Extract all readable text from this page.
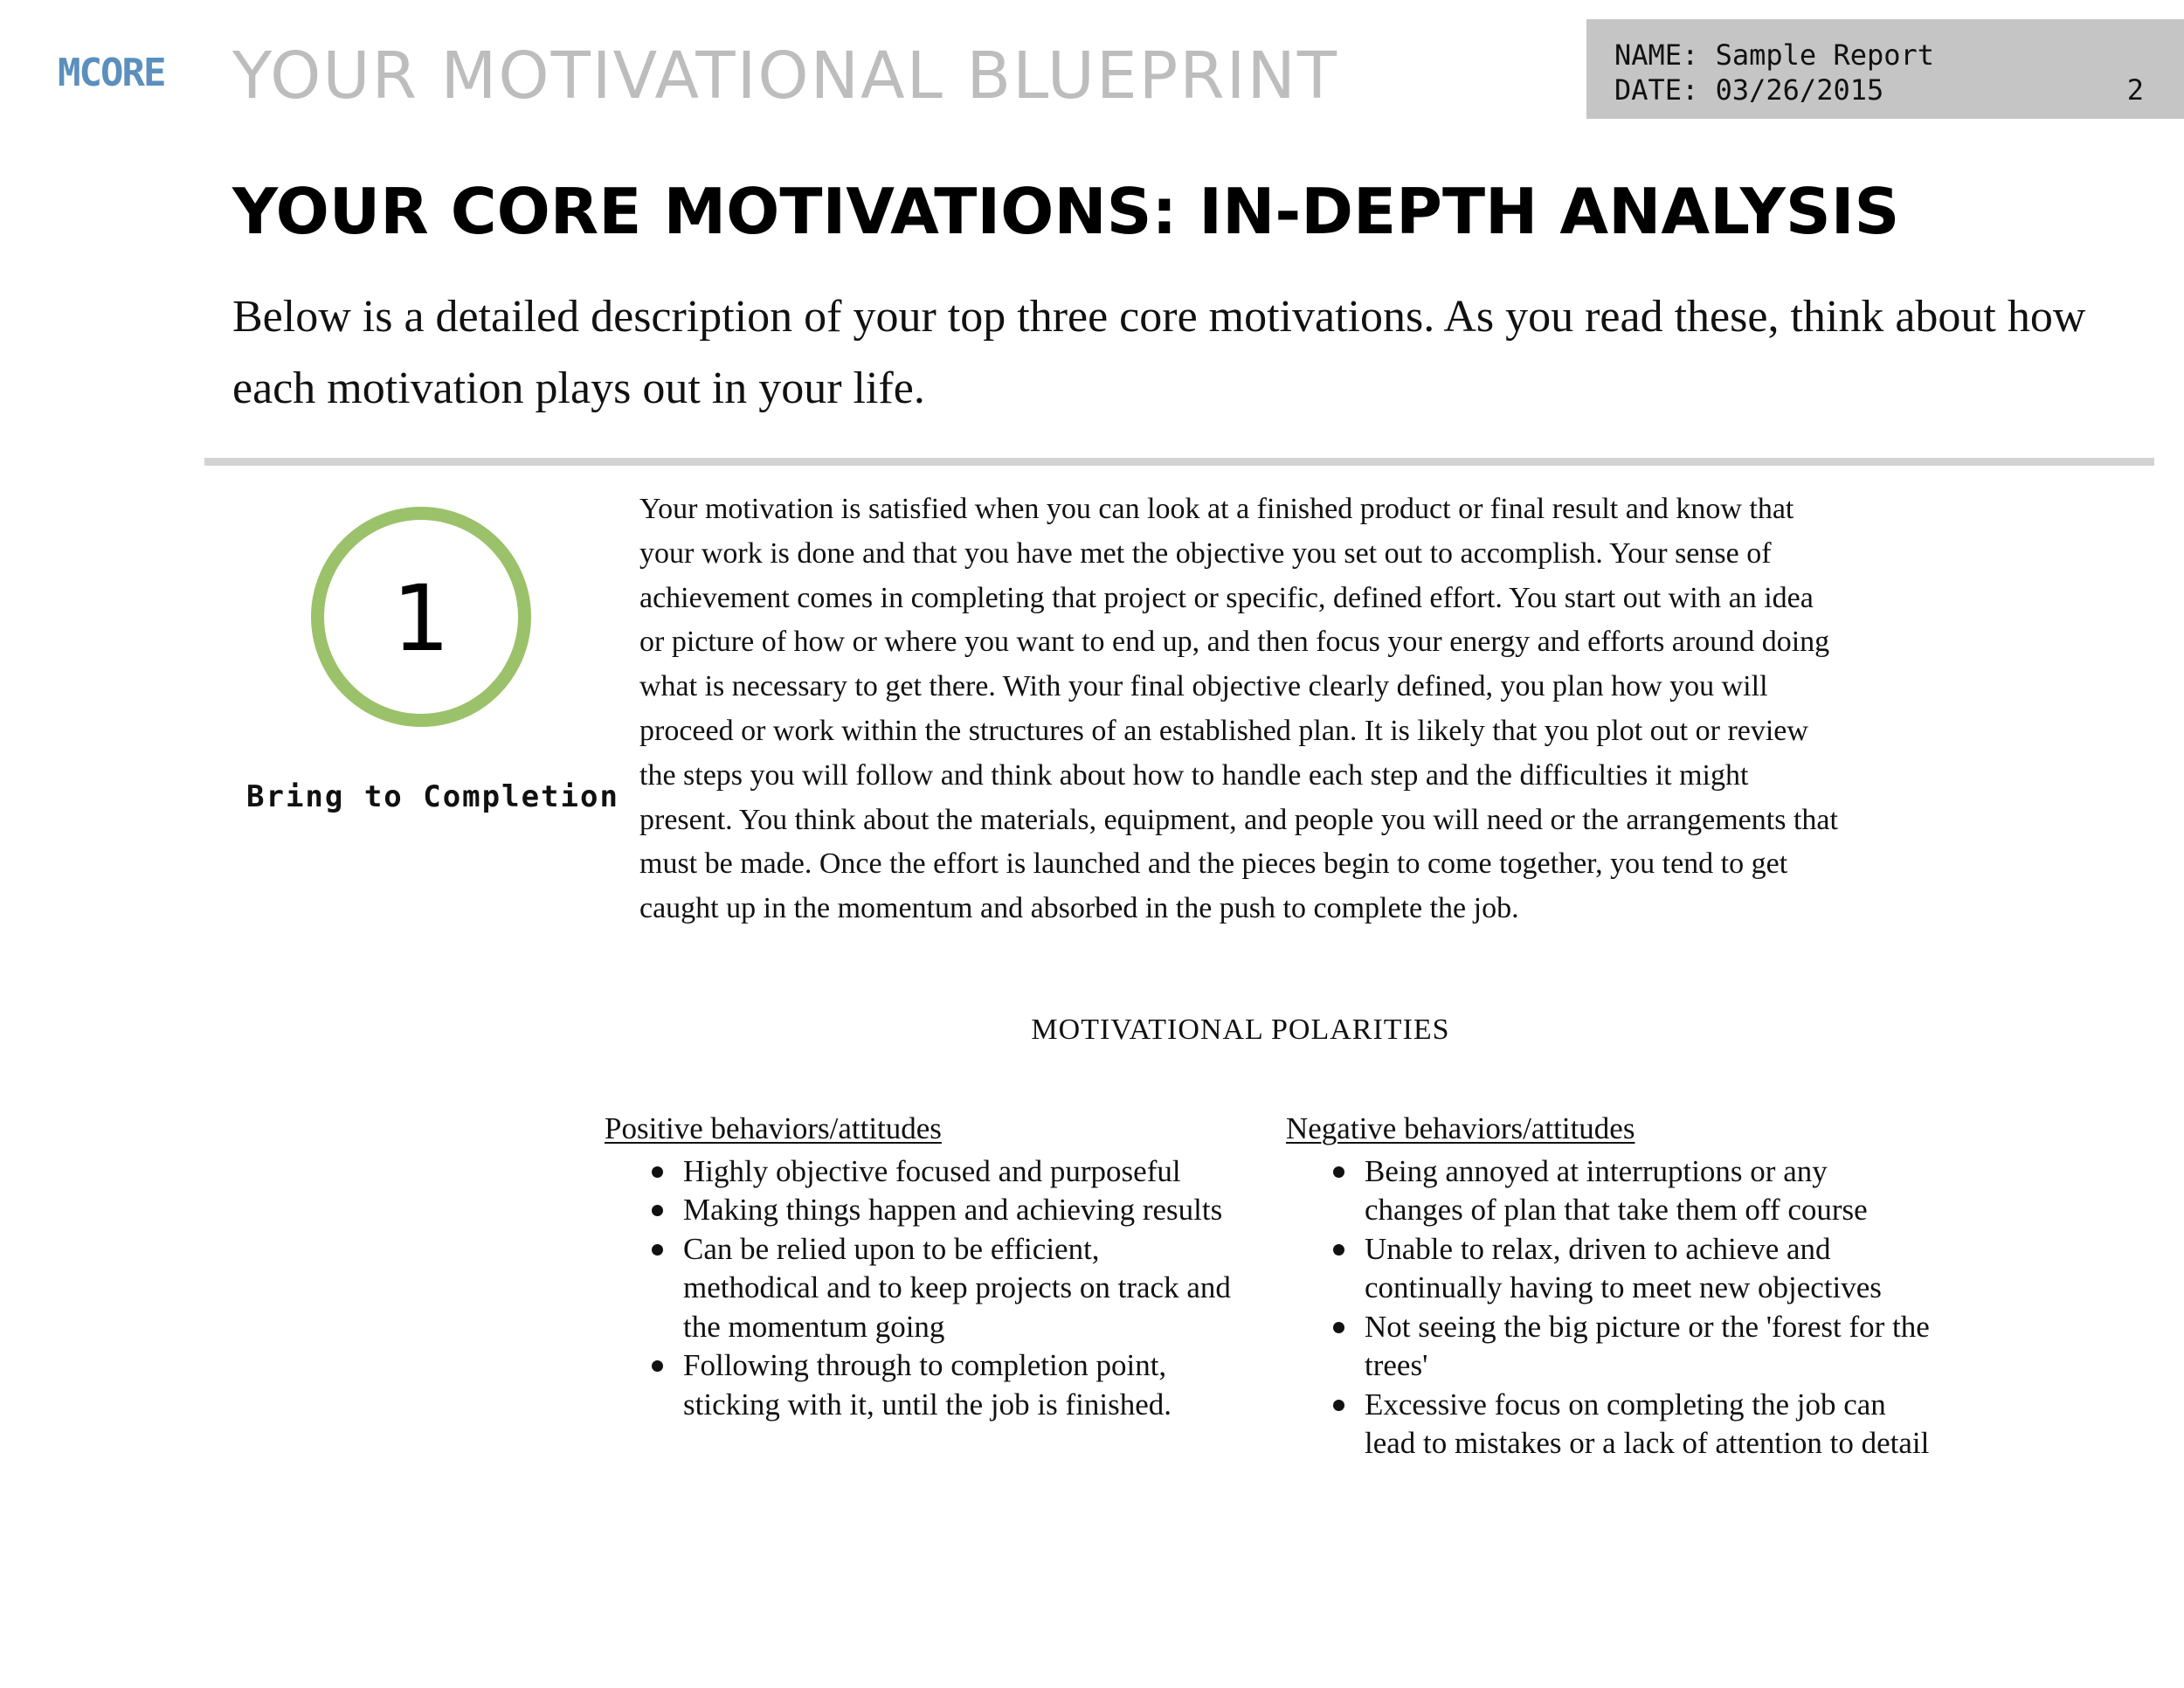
MCORE YOUR MOTIVATIONAL BLUEPRINT	NAME: Sample Report
DATE: 03/26/2015	2
YOUR CORE MOTIVATIONS: IN-DEPTH ANALYSIS

Below is a detailed description of your top three core motivations. As you read these, think about how each motivation plays out in your life.

1
Bring to Completion

Your motivation is satisfied when you can look at a finished product or final result and know that your work is done and that you have met the objective you set out to accomplish. Your sense of achievement comes in completing that project or specific, defined effort. You start out with an idea or picture of how or where you want to end up, and then focus your energy and efforts around doing what is necessary to get there. With your final objective clearly defined, you plan how you will proceed or work within the structures of an established plan. It is likely that you plot out or review the steps you will follow and think about how to handle each step and the difficulties it might present. You think about the materials, equipment, and people you will need or the arrangements that must be made. Once the effort is launched and the pieces begin to come together, you tend to get caught up in the momentum and absorbed in the push to complete the job.

MOTIVATIONAL POLARITIES
Positive behaviors/attitudes
Highly objective focused and purposeful
Making things happen and achieving results
Can be relied upon to be efficient, methodical and to keep projects on track and the momentum going
Following through to completion point, sticking with it, until the job is finished.
Negative behaviors/attitudes
Being annoyed at interruptions or any changes of plan that take them off course
Unable to relax, driven to achieve and continually having to meet new objectives
Not seeing the big picture or the 'forest for the trees'
Excessive focus on completing the job can lead to mistakes or a lack of attention to detail
